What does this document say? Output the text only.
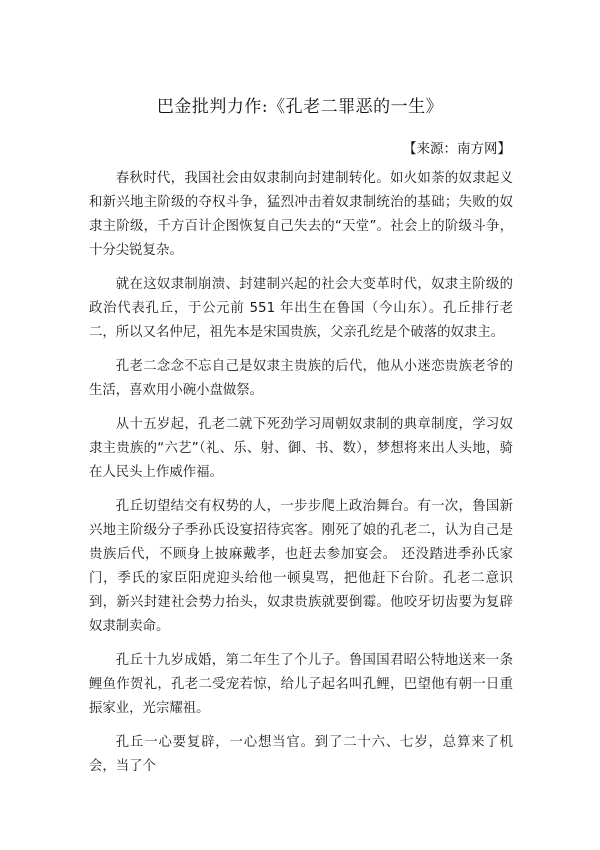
巴金批判力作:《孔老二罪恶的一生》
【来源：南方网】

春秋时代，我国社会由奴隶制向封建制转化。如火如荼的奴隶起义和新兴地主阶级的夺权斗争，猛烈冲击着奴隶制统治的基础；失败的奴隶主阶级，千方百计企图恢复自己失去的“天堂”。社会上的阶级斗争，十分尖锐复杂。

就在这奴隶制崩溃、封建制兴起的社会大变革时代，奴隶主阶级的政治代表孔丘，于公元前 551 年出生在鲁国（今山东）。孔丘排行老二，所以又名仲尼，祖先本是宋国贵族，父亲孔纥是个破落的奴隶主。

孔老二念念不忘自己是奴隶主贵族的后代，他从小迷恋贵族老爷的生活，喜欢用小碗小盘做祭。

从十五岁起，孔老二就下死劲学习周朝奴隶制的典章制度，学习奴隶主贵族的“六艺”（礼、乐、射、御、书、数），梦想将来出人头地，骑在人民头上作威作福。

孔丘切望结交有权势的人，一步步爬上政治舞台。有一次，鲁国新兴地主阶级分子季孙氏设宴招待宾客。刚死了娘的孔老二，认为自己是贵族后代，不顾身上披麻戴孝，也赶去参加宴会。 还没踏进季孙氏家门，季氏的家臣阳虎迎头给他一顿臭骂，把他赶下台阶。孔老二意识到，新兴封建社会势力抬头，奴隶贵族就要倒霉。他咬牙切齿要为复辟奴隶制卖命。

孔丘十九岁成婚，第二年生了个儿子。鲁国国君昭公特地送来一条鲤鱼作贺礼，孔老二受宠若惊，给儿子起名叫孔鲤，巴望他有朝一日重振家业，光宗耀祖。

孔丘一心要复辟，一心想当官。到了二十六、七岁，总算来了机会，当了个
